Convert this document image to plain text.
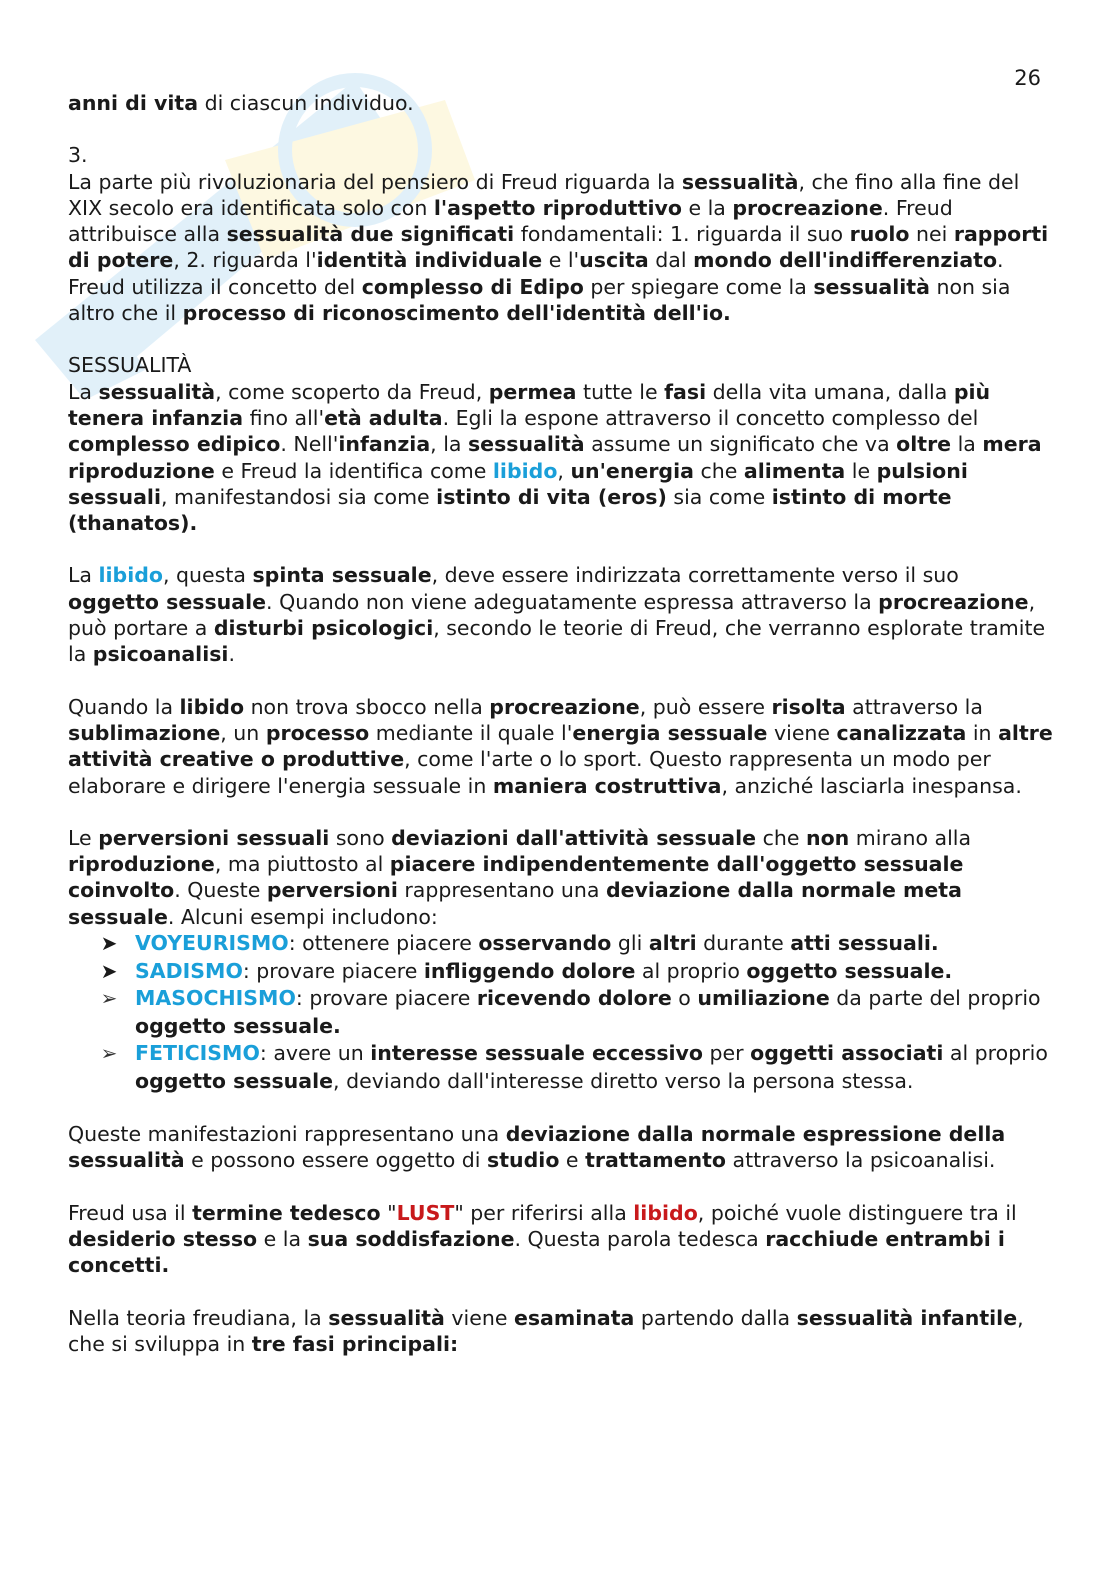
26

anni di vita di ciascun individuo.

3.

La parte più rivoluzionaria del pensiero di Freud riguarda la sessualità, che fino alla fine del XIX secolo era identificata solo con l'aspetto riproduttivo e la procreazione. Freud attribuisce alla sessualità due significati fondamentali: 1. riguarda il suo ruolo nei rapporti di potere, 2. riguarda l'identità individuale e l'uscita dal mondo dell'indifferenziato. Freud utilizza il concetto del complesso di Edipo per spiegare come la sessualità non sia altro che il processo di riconoscimento dell'identità dell'io.

SESSUALITÀ

La sessualità, come scoperto da Freud, permea tutte le fasi della vita umana, dalla più tenera infanzia fino all'età adulta. Egli la espone attraverso il concetto complesso del complesso edipico. Nell'infanzia, la sessualità assume un significato che va oltre la mera riproduzione e Freud la identifica come libido, un'energia che alimenta le pulsioni sessuali, manifestandosi sia come istinto di vita (eros) sia come istinto di morte (thanatos).

La libido, questa spinta sessuale, deve essere indirizzata correttamente verso il suo oggetto sessuale. Quando non viene adeguatamente espressa attraverso la procreazione, può portare a disturbi psicologici, secondo le teorie di Freud, che verranno esplorate tramite la psicoanalisi.

Quando la libido non trova sbocco nella procreazione, può essere risolta attraverso la sublimazione, un processo mediante il quale l'energia sessuale viene canalizzata in altre attività creative o produttive, come l'arte o lo sport. Questo rappresenta un modo per elaborare e dirigere l'energia sessuale in maniera costruttiva, anziché lasciarla inespansa.

Le perversioni sessuali sono deviazioni dall'attività sessuale che non mirano alla riproduzione, ma piuttosto al piacere indipendentemente dall'oggetto sessuale coinvolto. Queste perversioni rappresentano una deviazione dalla normale meta sessuale. Alcuni esempi includono:

➤ VOYEURISMO: ottenere piacere osservando gli altri durante atti sessuali.
➤ SADISMO: provare piacere infliggendo dolore al proprio oggetto sessuale.
➢ MASOCHISMO: provare piacere ricevendo dolore o umiliazione da parte del proprio oggetto sessuale.
➢ FETICISMO: avere un interesse sessuale eccessivo per oggetti associati al proprio oggetto sessuale, deviando dall'interesse diretto verso la persona stessa.

Queste manifestazioni rappresentano una deviazione dalla normale espressione della sessualità e possono essere oggetto di studio e trattamento attraverso la psicoanalisi.

Freud usa il termine tedesco "LUST" per riferirsi alla libido, poiché vuole distinguere tra il desiderio stesso e la sua soddisfazione. Questa parola tedesca racchiude entrambi i concetti.

Nella teoria freudiana, la sessualità viene esaminata partendo dalla sessualità infantile, che si sviluppa in tre fasi principali:
